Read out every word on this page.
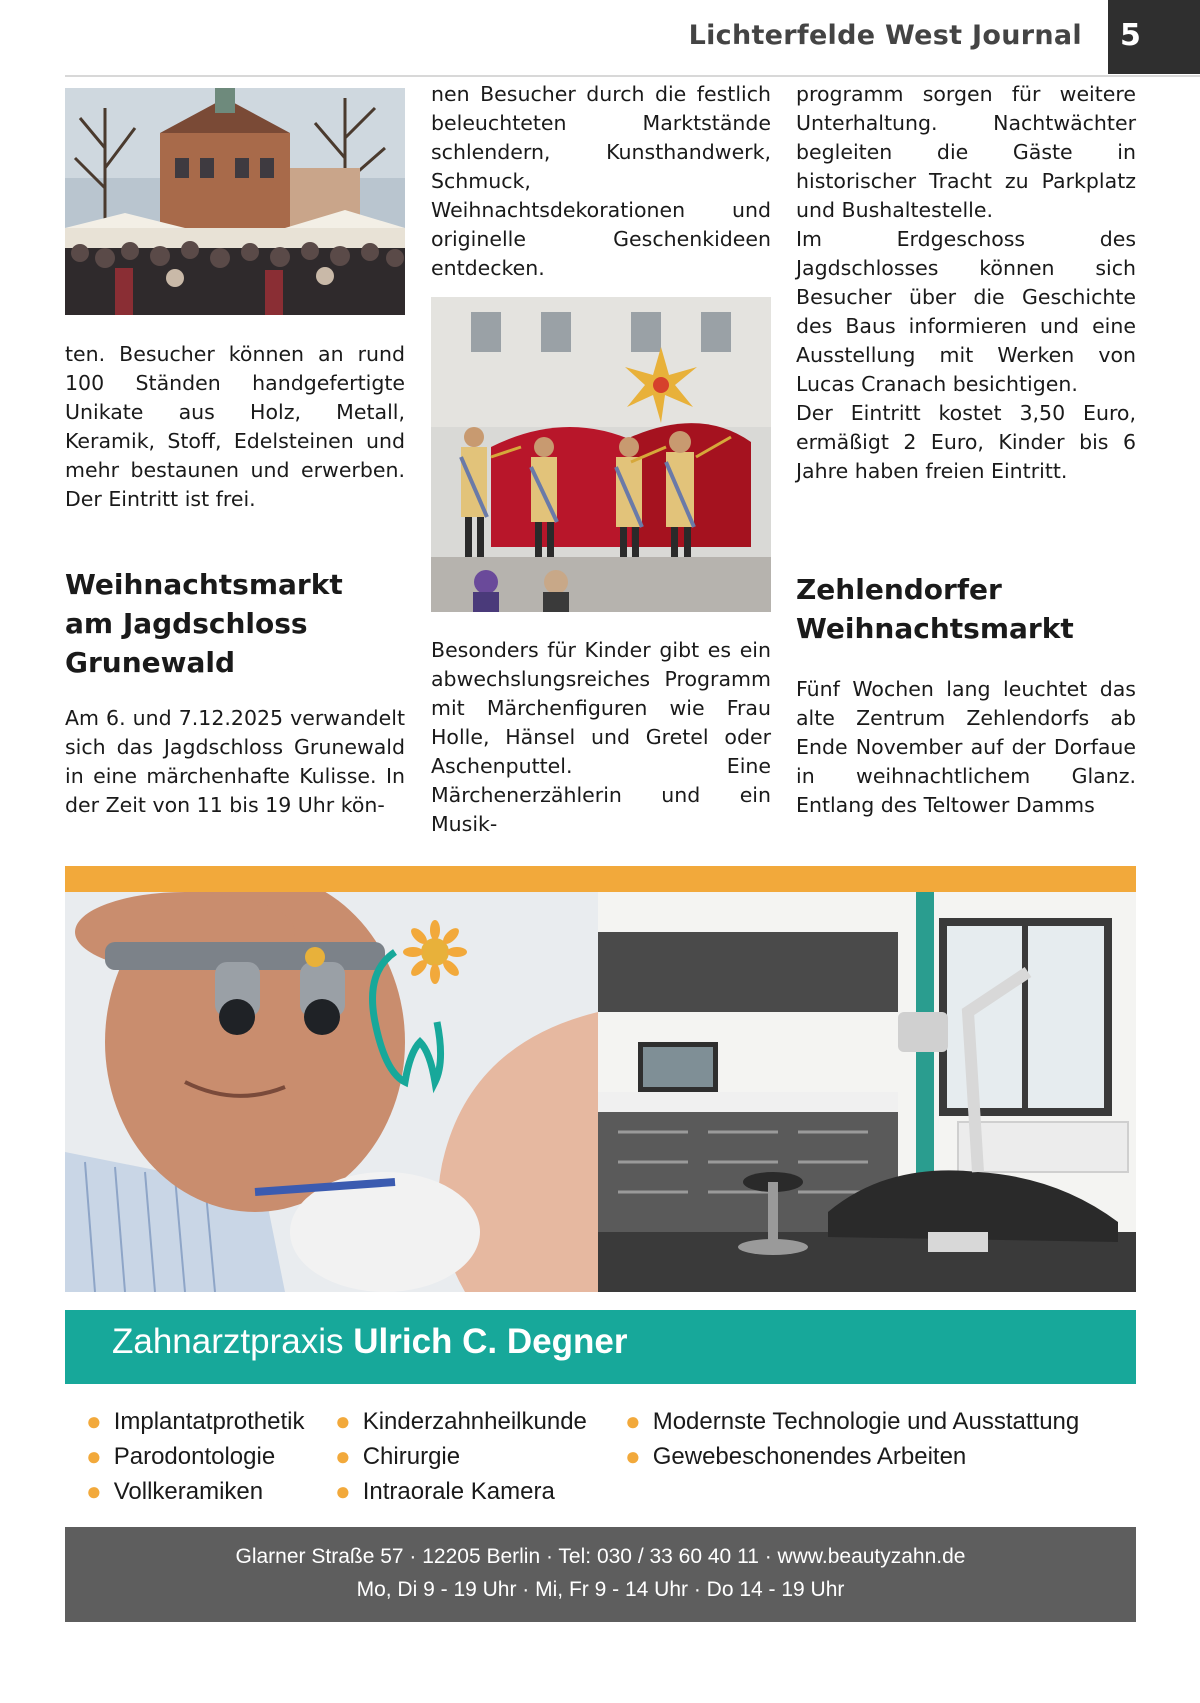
Lichterfelde West Journal 5

ten. Besucher können an rund 100 Ständen handgefertigte Unikate aus Holz, Metall, Keramik, Stoff, Edelsteinen und mehr bestaunen und erwerben. Der Eintritt ist frei.

Weihnachtsmarkt am Jagdschloss Grunewald

Am 6. und 7.12.2025 verwandelt sich das Jagdschloss Grunewald in eine märchenhafte Kulisse. In der Zeit von 11 bis 19 Uhr kön-

nen Besucher durch die festlich beleuchteten Marktstände schlendern, Kunsthandwerk, Schmuck, Weihnachtsdekorationen und originelle Geschenkideen entdecken.

Besonders für Kinder gibt es ein abwechslungsreiches Programm mit Märchenfiguren wie Frau Holle, Hänsel und Gretel oder Aschenputtel. Eine Märchenerzählerin und ein Musik-

programm sorgen für weitere Unterhaltung. Nachtwächter begleiten die Gäste in historischer Tracht zu Parkplatz und Bushaltestelle.

Im Erdgeschoss des Jagdschlosses können sich Besucher über die Geschichte des Baus informieren und eine Ausstellung mit Werken von Lucas Cranach besichtigen.

Der Eintritt kostet 3,50 Euro, ermäßigt 2 Euro, Kinder bis 6 Jahre haben freien Eintritt.

Zehlendorfer Weihnachtsmarkt

Fünf Wochen lang leuchtet das alte Zentrum Zehlendorfs ab Ende November auf der Dorfaue in weihnachtlichem Glanz. Entlang des Teltower Damms

Zahnarztpraxis Ulrich C. Degner
● Implantatprothetik
● Parodontologie
● Vollkeramiken
● Kinderzahnheilkunde
● Chirurgie
● Intraorale Kamera
● Modernste Technologie und Ausstattung
● Gewebeschonendes Arbeiten
Glarner Straße 57 · 12205 Berlin · Tel: 030 / 33 60 40 11 · www.beautyzahn.de
Mo, Di 9 - 19 Uhr · Mi, Fr 9 - 14 Uhr · Do 14 - 19 Uhr
